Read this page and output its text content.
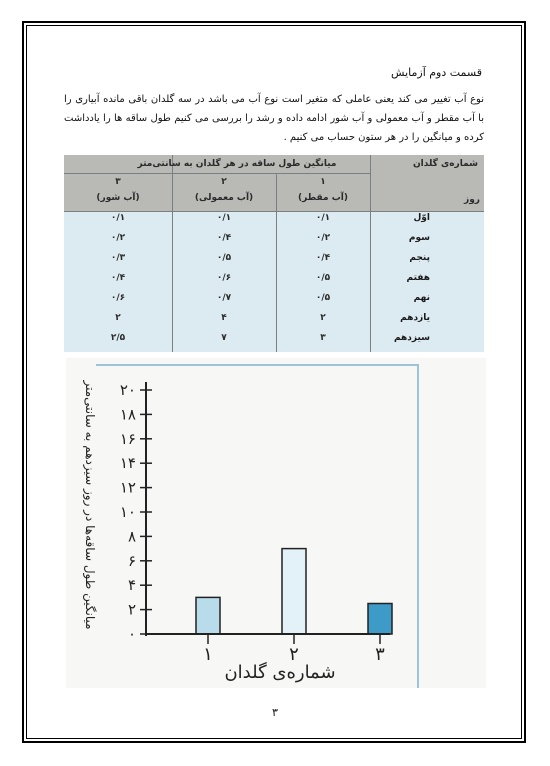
قسمت دوم آزمایش
نوع آب تغییر می کند یعنی عاملی که متغیر است نوع آب می باشد در سه گلدان باقی مانده آبیاری را با آب مقطر و آب معمولی و آب شور ادامه داده و رشد را بررسی می کنیم طول ساقه ها را یادداشت کرده و میانگین را در هر ستون حساب می کنیم .
شماره‌ی گلدان
میانگین طول ساقه در هر گلدان به سانتی‌متر
روز
۱
(آب مقطر)
۲
(آب معمولی)
۳
(آب شور)
اوّل
۰/۱
۰/۱
۰/۱
سوم
۰/۲
۰/۴
۰/۲
پنجم
۰/۴
۰/۵
۰/۳
هفتم
۰/۵
۰/۶
۰/۴
نهم
۰/۵
۰/۷
۰/۶
یازدهم
۲
۴
۲
سیزدهم
۳
۷
۲/۵
۰
۲
۴
۶
۸
۱۰
۱۲
۱۴
۱۶
۱۸
۲۰
۱	۲	۳
میانگین طول ساقه‌ها در روز سیزدهم به سانتی‌متر
شماره‌ی گلدان
۳
